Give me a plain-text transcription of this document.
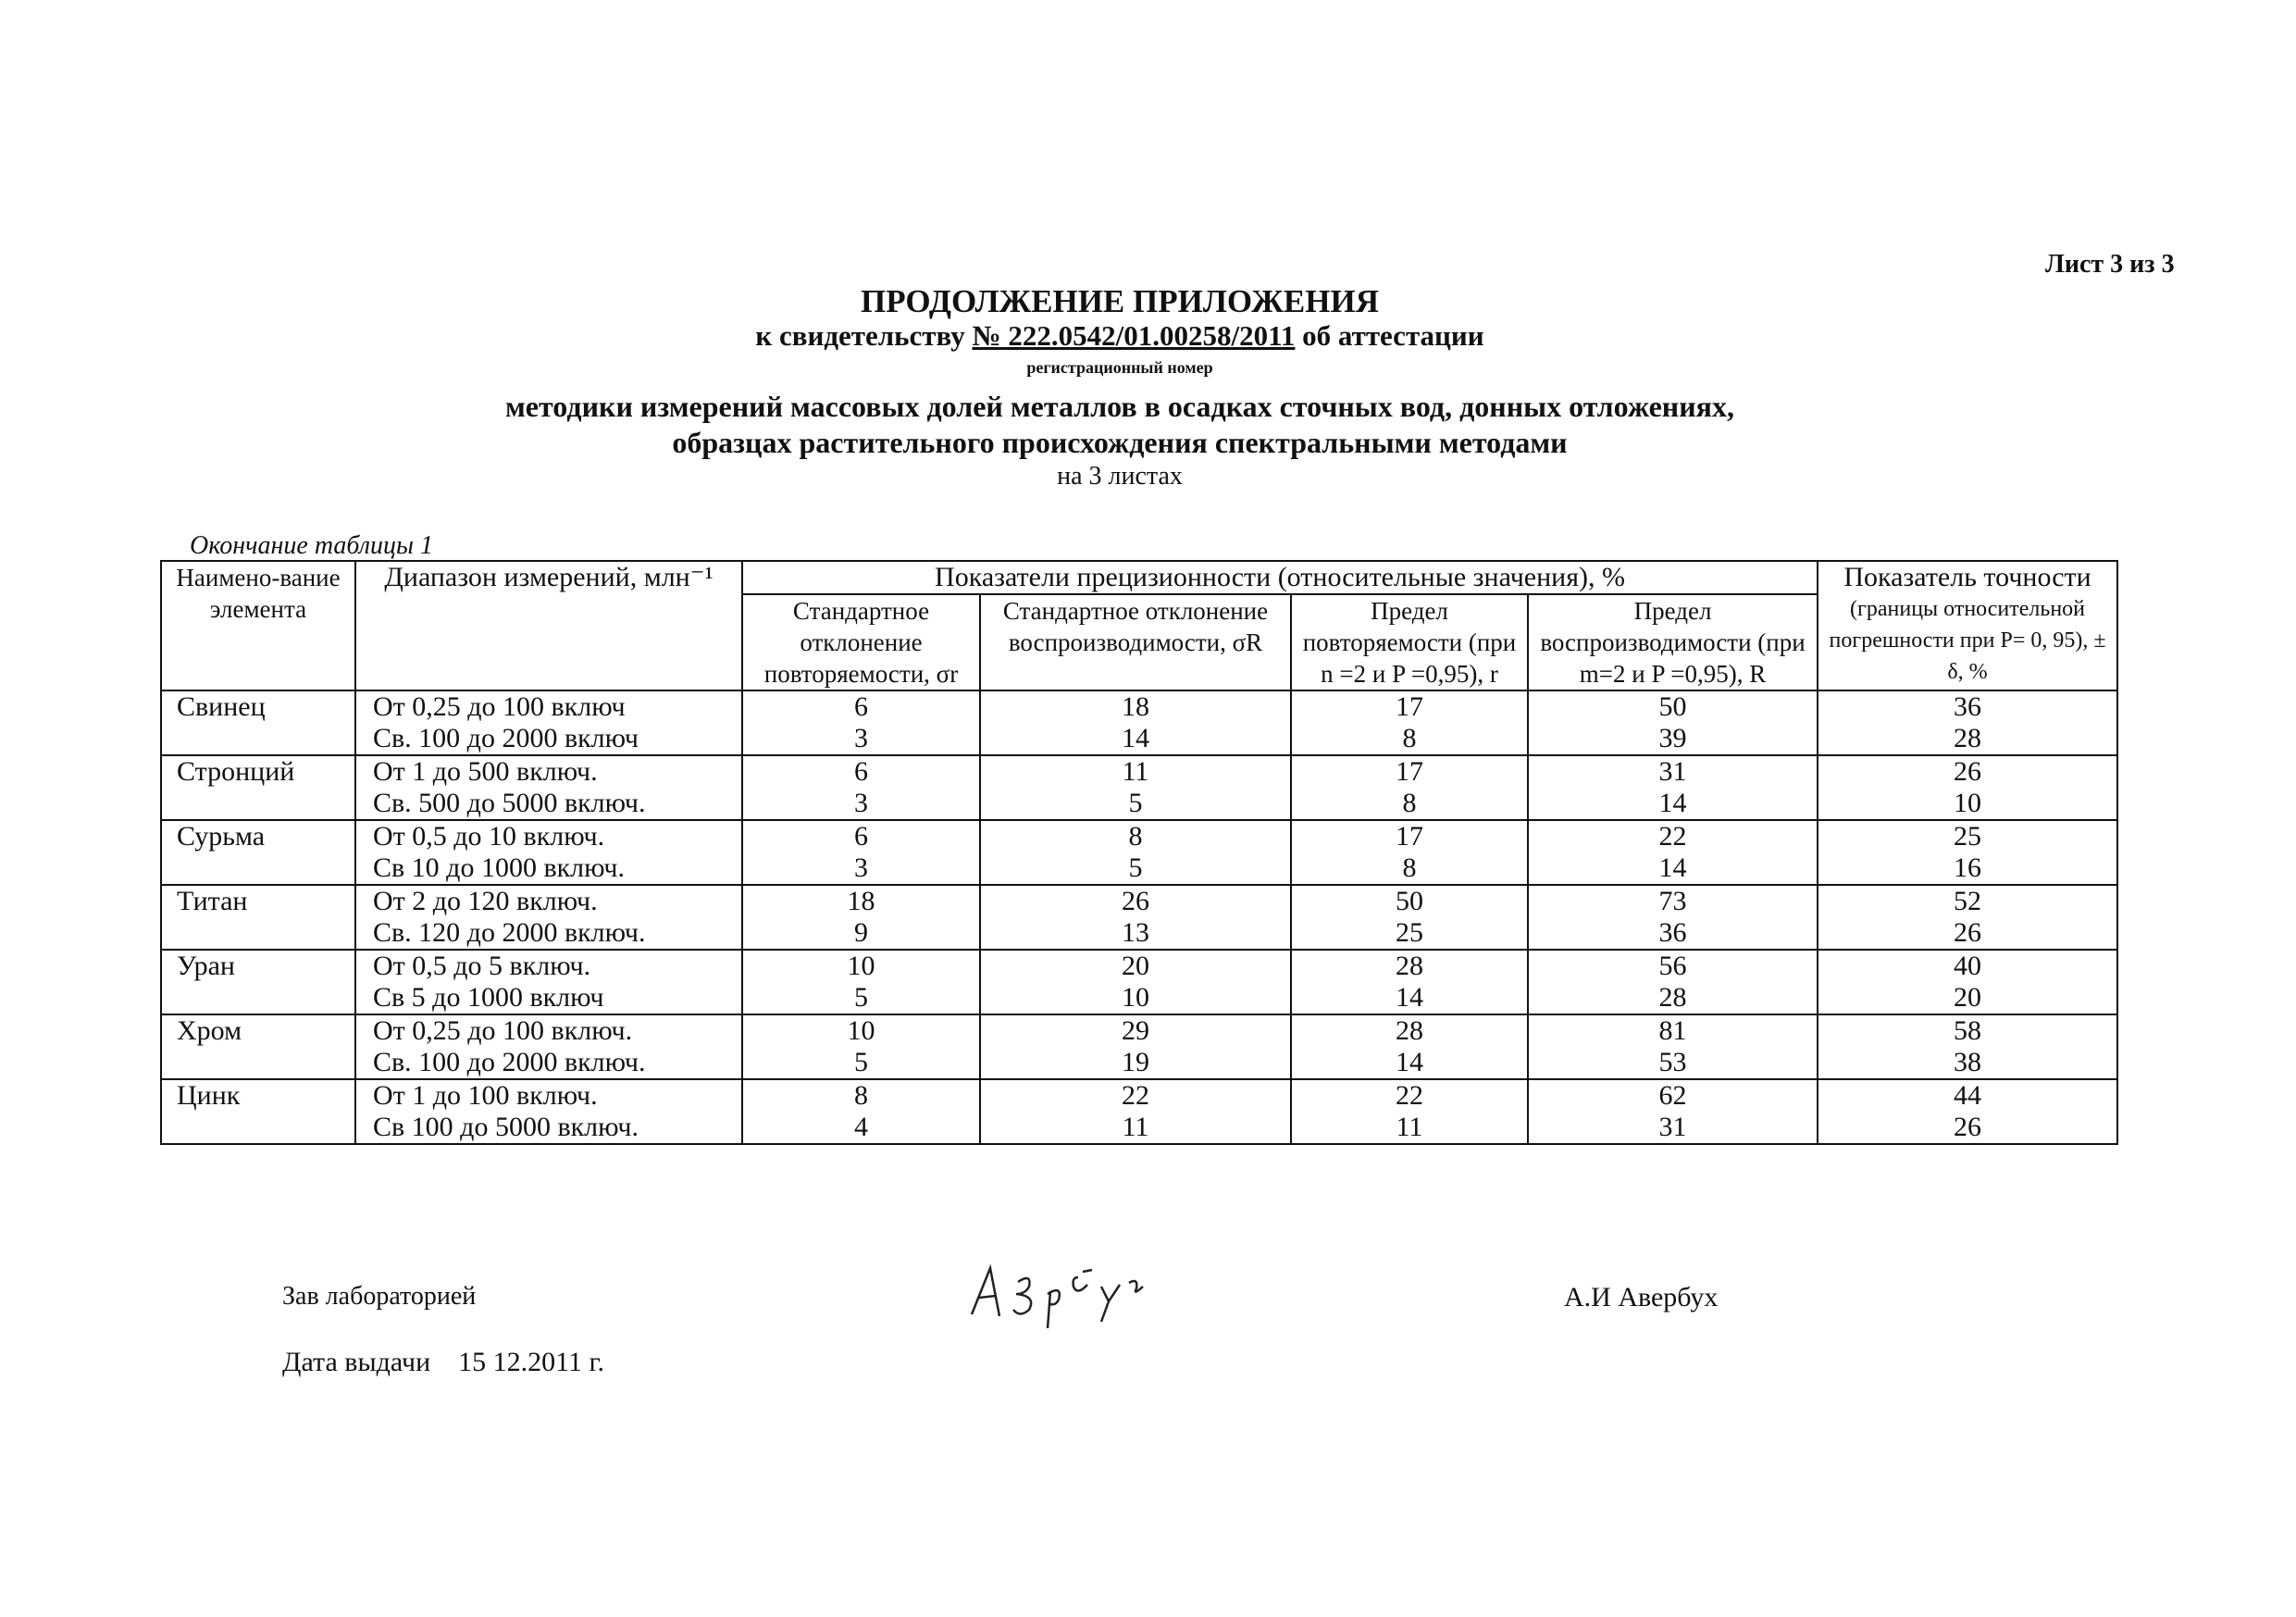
Лист 3 из 3
ПРОДОЛЖЕНИЕ ПРИЛОЖЕНИЯ
к свидетельству № 222.0542/01.00258/2011 об аттестации
регистрационный номер
методики измерений массовых долей металлов в осадках сточных вод, донных отложениях,
образцах растительного происхождения спектральными методами
на 3 листах
Окончание таблицы 1
Наимено-вание элемента	Диапазон измерений, млн⁻¹	Показатели прецизионности (относительные значения), %				Показатель точности
(границы относительной погрешности при P= 0, 95), ± δ, %

		Стандартное отклонение повторяемости, σr	Стандартное отклонение воспроизводимости, σR	Предел повторяемости (при n =2 и P =0,95), r	Предел воспроизводимости (при m=2 и P =0,95), R	
Свинец	От 0,25 до 100 включ	6	18	17	50	36
	Св. 100 до 2000 включ	3	14	8	39	28
Стронций	От 1 до 500 включ.	6	11	17	31	26
	Св. 500 до 5000 включ.	3	5	8	14	10
Сурьма	От 0,5 до 10 включ.	6	8	17	22	25
	Св 10 до 1000 включ.	3	5	8	14	16
Титан	От 2 до 120 включ.	18	26	50	73	52
	Св. 120 до 2000 включ.	9	13	25	36	26
Уран	От 0,5 до 5 включ.	10	20	28	56	40
	Св 5 до 1000 включ	5	10	14	28	20
Хром	От 0,25 до 100 включ.	10	29	28	81	58
	Св. 100 до 2000 включ.	5	19	14	53	38
Цинк	От 1 до 100 включ.	8	22	22	62	44
	Св 100 до 5000 включ.	4	11	11	31	26
Зав лабораторией	А.И Авербух
Дата выдачи 15 12.2011 г.
